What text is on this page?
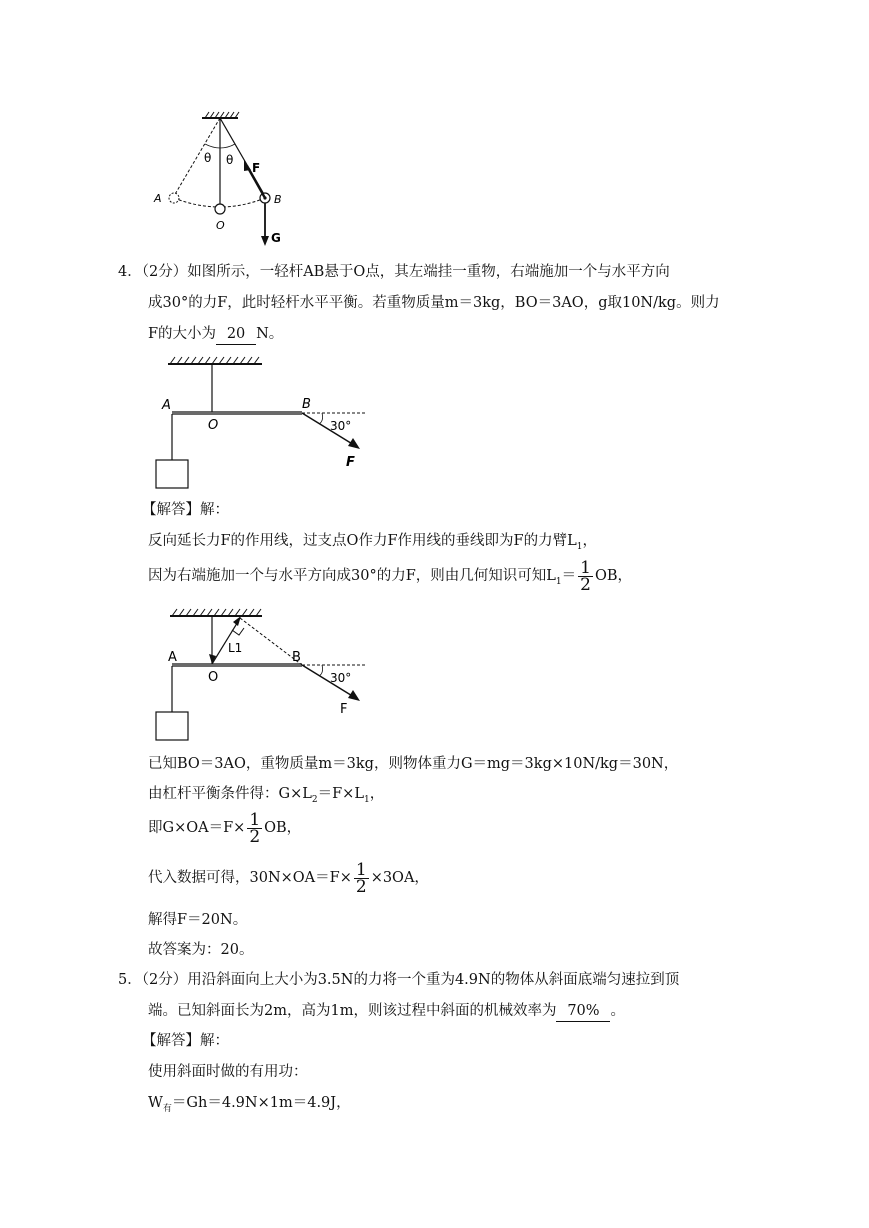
θ θ
F
A	B
O
G
4．（2分）如图所示，一轻杆AB悬于O点，其左端挂一重物，右端施加一个与水平方向
成30°的力F，此时轻杆水平平衡。若重物质量m＝3kg，BO＝3AO，g取10N/kg。则力
F的大小为 20 N。
A
O
B
30°
F
【解答】解：
反向延长力F的作用线，过支点O作力F作用线的垂线即为F的力臂$L_1$，
因为右端施加一个与水平方向成30°的力F，则由几何知识可知$L_1= \frac{1}{2}$ OB，
A
O
B
L1
30°
F
已知BO＝3AO，重物质量m＝3kg，则物体重力G＝mg＝3kg×10N/kg＝30N，
由杠杆平衡条件得：$G\times L_2=F\times L_1$，
即$G\times OA=F\times \frac{1}{2}$ OB，
代入数据可得，$30N\times OA=F\times \frac{1}{2} \times 3OA$，
解得F＝20N。
故答案为：20。
5．（2分）用沿斜面向上大小为3.5N的力将一个重为4.9N的物体从斜面底端匀速拉到顶
端。已知斜面长为2m，高为1m，则该过程中斜面的机械效率为 70% 。
【解答】解：
使用斜面时做的有用功：
$W_有=Gh=4.9N\times 1m=4.9J$，
